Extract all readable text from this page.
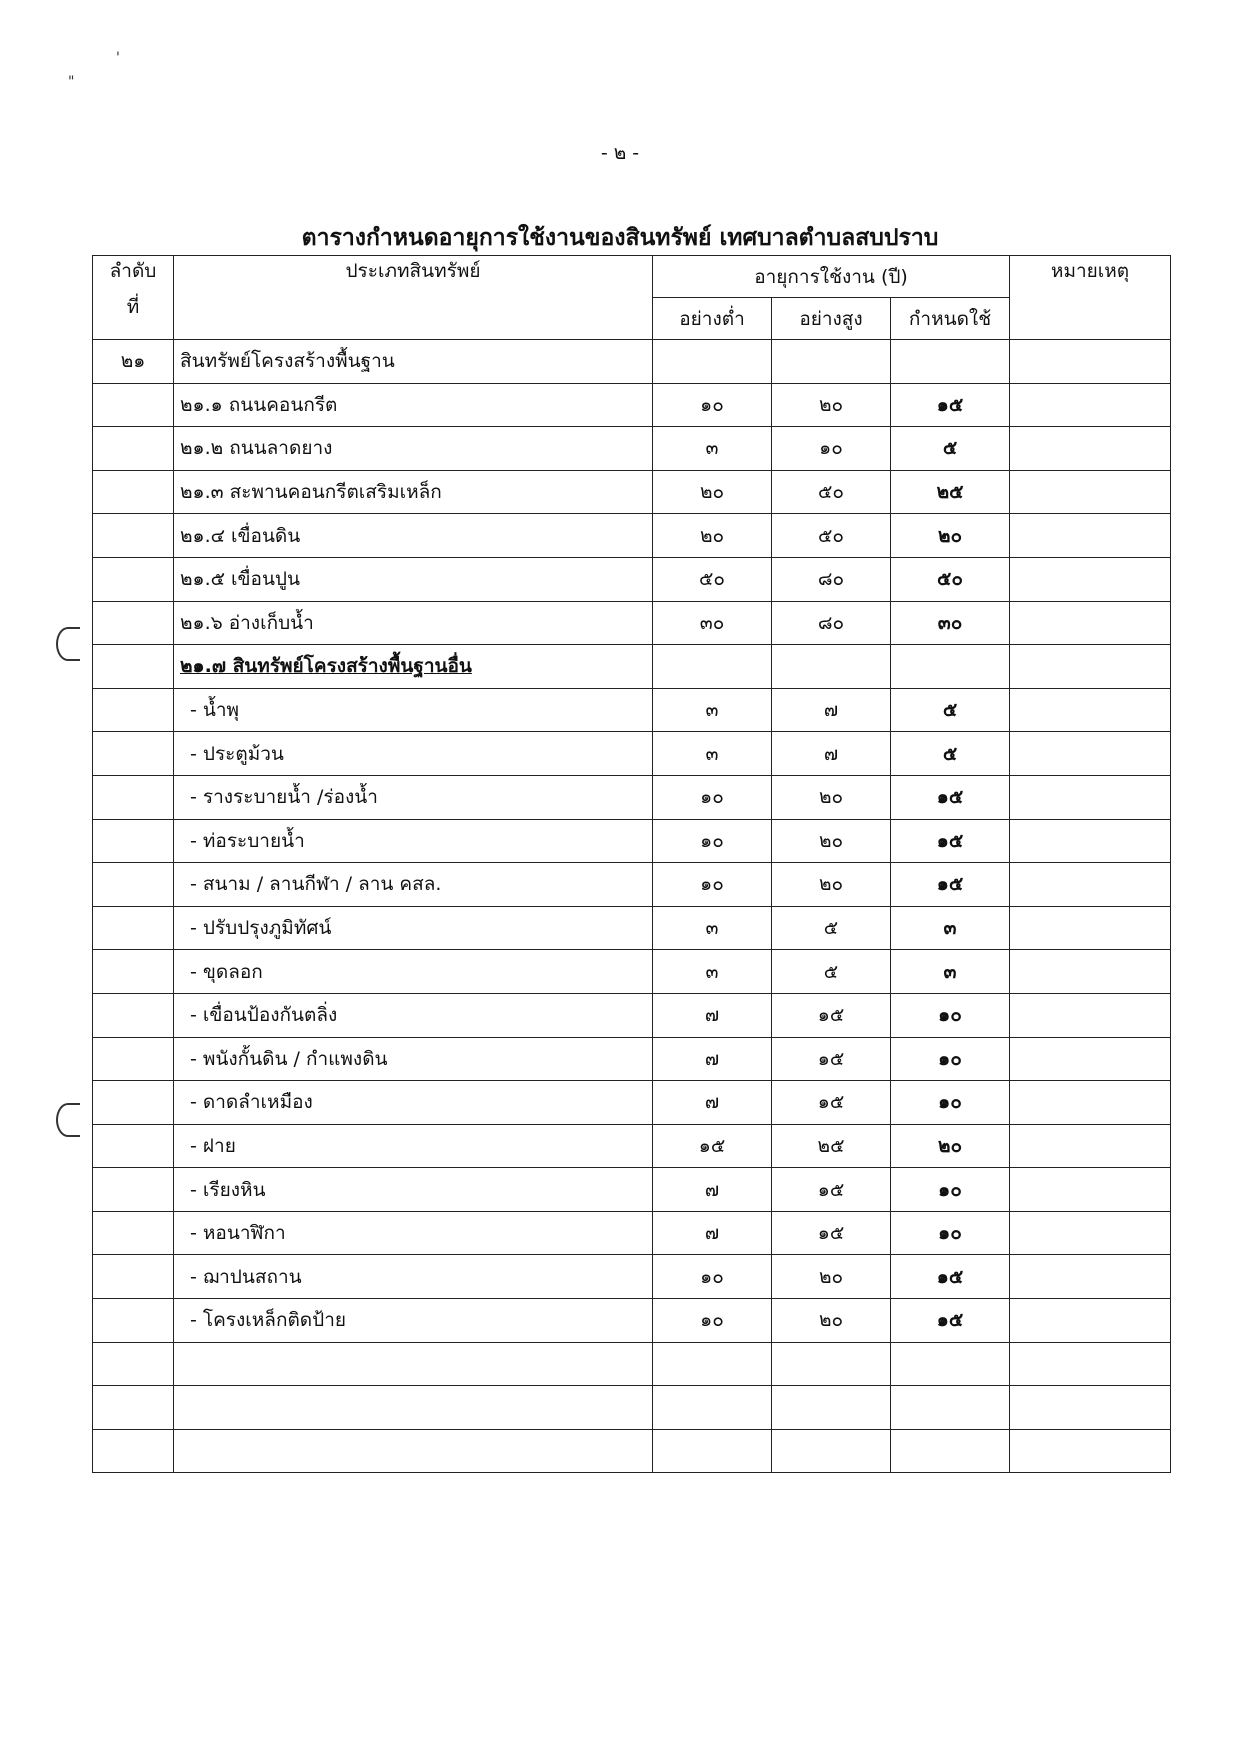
'
"
- ๒ -
ตารางกำหนดอายุการใช้งานของสินทรัพย์ เทศบาลตำบลสบปราบ
ลำดับ
ที่	ประเภทสินทรัพย์	อายุการใช้งาน (ปี)			หมายเหตุ
		อย่างต่ำ	อย่างสูง	กำหนดใช้	
๒๑	สินทรัพย์โครงสร้างพื้นฐาน				
	๒๑.๑ ถนนคอนกรีต	๑๐	๒๐	๑๕	
	๒๑.๒ ถนนลาดยาง	๓	๑๐	๕	
	๒๑.๓ สะพานคอนกรีตเสริมเหล็ก	๒๐	๕๐	๒๕	
	๒๑.๔ เขื่อนดิน	๒๐	๕๐	๒๐	
	๒๑.๕ เขื่อนปูน	๕๐	๘๐	๕๐	
	๒๑.๖ อ่างเก็บน้ำ	๓๐	๘๐	๓๐	
	๒๑.๗ สินทรัพย์โครงสร้างพื้นฐานอื่น				
	- น้ำพุ	๓	๗	๕	
	- ประตูม้วน	๓	๗	๕	
	- รางระบายน้ำ /ร่องน้ำ	๑๐	๒๐	๑๕	
	- ท่อระบายน้ำ	๑๐	๒๐	๑๕	
	- สนาม / ลานกีฬา / ลาน คสล.	๑๐	๒๐	๑๕	
	- ปรับปรุงภูมิทัศน์	๓	๕	๓	
	- ขุดลอก	๓	๕	๓	
	- เขื่อนป้องกันตลิ่ง	๗	๑๕	๑๐	
	- พนังกั้นดิน / กำแพงดิน	๗	๑๕	๑๐	
	- ดาดลำเหมือง	๗	๑๕	๑๐	
	- ฝาย	๑๕	๒๕	๒๐	
	- เรียงหิน	๗	๑๕	๑๐	
	- หอนาฬิกา	๗	๑๕	๑๐	
	- ฌาปนสถาน	๑๐	๒๐	๑๕	
	- โครงเหล็กติดป้าย	๑๐	๒๐	๑๕	
